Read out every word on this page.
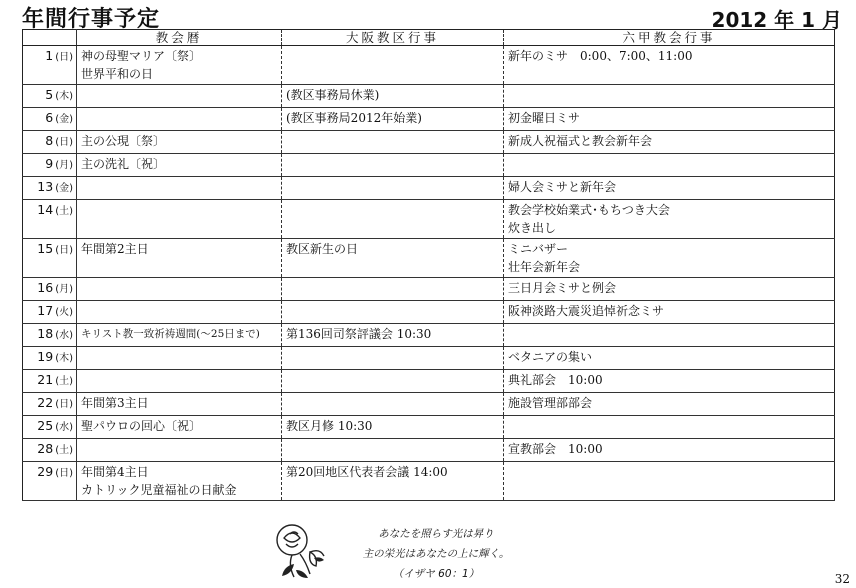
年間行事予定	2012 年 1 月
	教会暦	大阪教区行事	六甲教会行事
1 (日)	神の母聖マリア〔祭〕
世界平和の日		新年のミサ　0:00、7:00、11:00

5 (木)		(教区事務局休業)	

6 (金)		(教区事務局2012年始業)	初金曜日ミサ

8 (日)	主の公現〔祭〕		新成人祝福式と教会新年会

9 (月)	主の洗礼〔祝〕		

13 (金)			婦人会ミサと新年会

14 (土)			教会学校始業式･もちつき大会
炊き出し

15 (日)	年間第2主日	教区新生の日	ミニバザー
壮年会新年会

16 (月)			三日月会ミサと例会

17 (火)			阪神淡路大震災追悼祈念ミサ

18 (水)	キリスト教一致祈祷週間(～25日まで)	第136回司祭評議会 10:30	

19 (木)			ベタニアの集い

21 (土)			典礼部会　10:00

22 (日)	年間第3主日		施設管理部部会

25 (水)	聖パウロの回心〔祝〕	教区月修 10:30	

28 (土)			宣教部会　10:00

29 (日)	年間第4主日
カトリック児童福祉の日献金	第20回地区代表者会議 14:00	

あなたを照らす光は昇り
主の栄光はあなたの上に輝く。
（イザヤ 60：1）	32
